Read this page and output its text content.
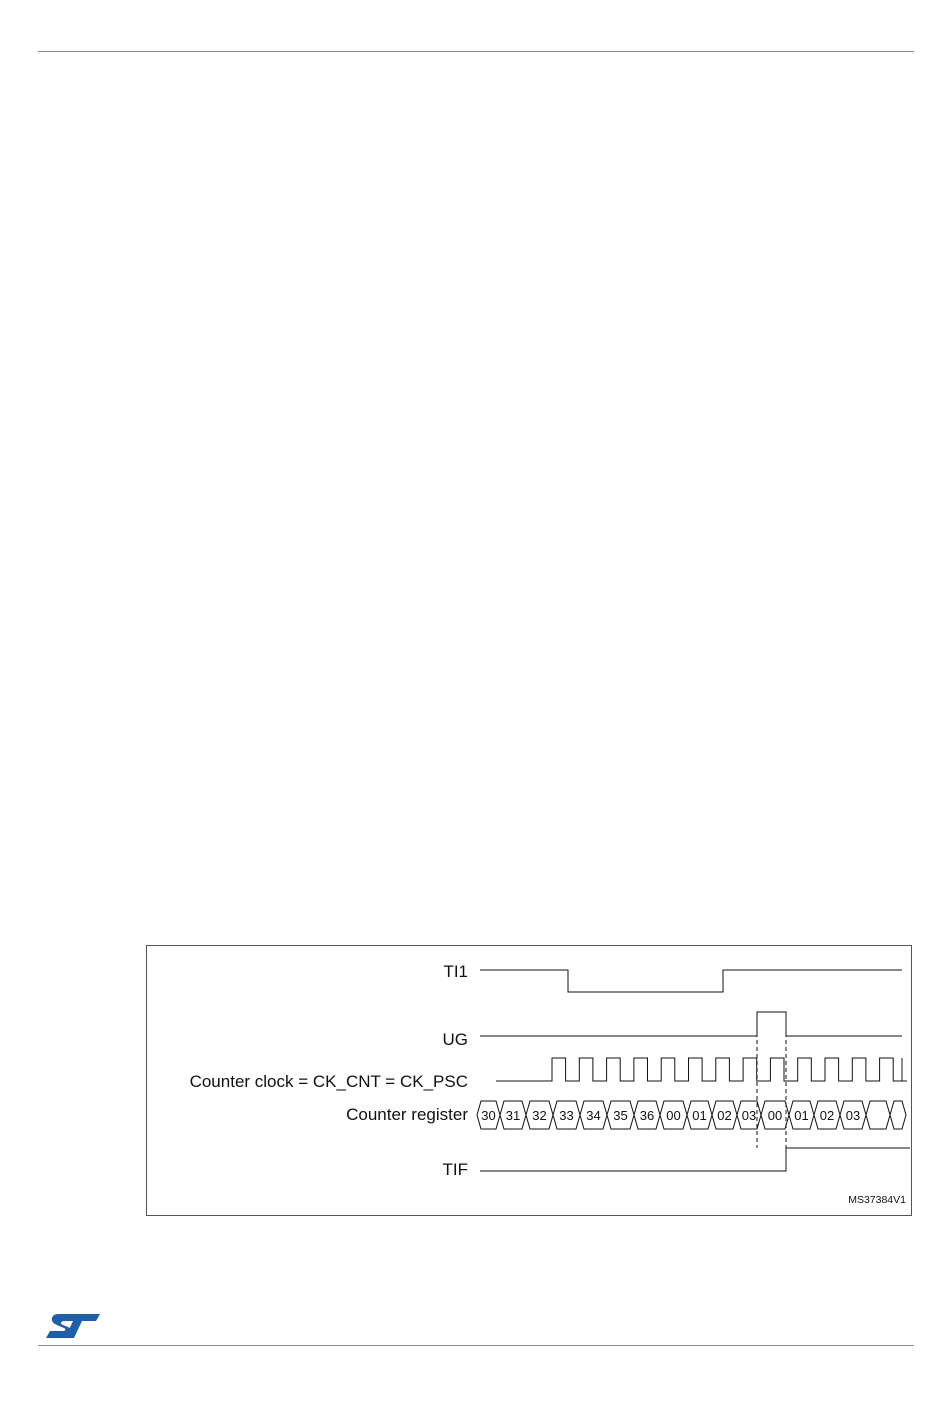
TI1
UG
Counter clock = CK_CNT = CK_PSC
Counter register
TIF
30 31 32 33 34 35 36 00 01 02 03 00 01 02 03
MS37384V1
